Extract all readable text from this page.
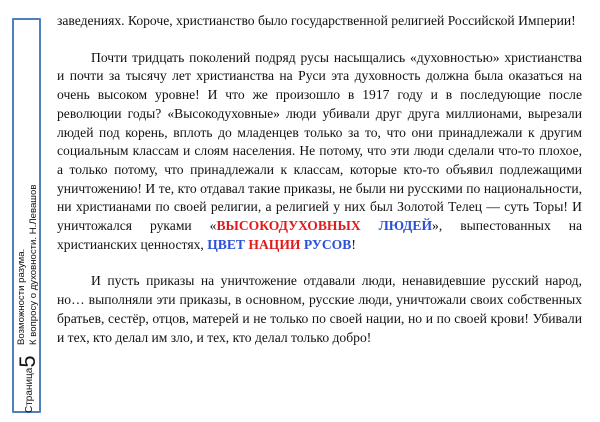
Возможности разума. К вопросу о духовности. Н.Левашов
Страница5

заведениях. Короче, христианство было государственной религией Российской Империи!

Почти тридцать поколений подряд русы насыщались «духовностью» христианства и почти за тысячу лет христианства на Руси эта духовность должна была оказаться на очень высоком уровне! И что же произошло в 1917 году и в последующие после революции годы? «Высокодуховные» люди убивали друг друга миллионами, вырезали людей под корень, вплоть до младенцев только за то, что они принадлежали к другим социальным классам и слоям населения. Не потому, что эти люди сделали что-то плохое, а только потому, что принадлежали к классам, которые кто-то объявил подлежащими уничтожению! И те, кто отдавал такие приказы, не были ни русскими по национальности, ни христианами по своей религии, а религией у них был Золотой Телец — суть Торы! И уничтожался руками «ВЫСОКОДУХОВНЫХ ЛЮДЕЙ», выпестованных на христианских ценностях, ЦВЕТ НАЦИИ РУСОВ!

И пусть приказы на уничтожение отдавали люди, ненавидевшие русский народ, но… выполняли эти приказы, в основном, русские люди, уничтожали своих собственных братьев, сестёр, отцов, матерей и не только по своей нации, но и по своей крови! Убивали и тех, кто делал им зло, и тех, кто делал только добро!
